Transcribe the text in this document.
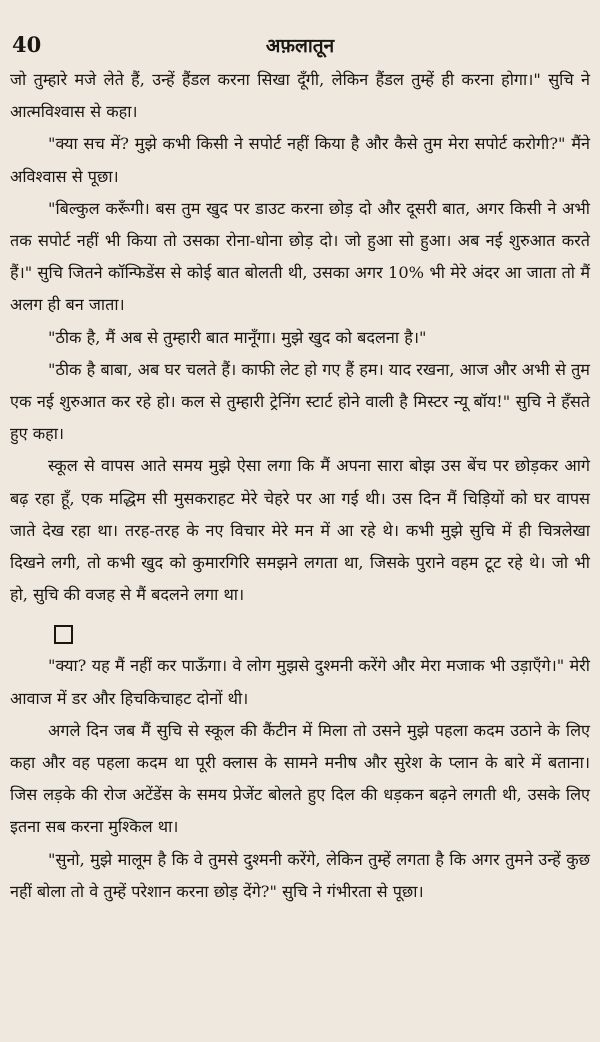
40	अफ़लातून

जो तुम्हारे मजे लेते हैं, उन्हें हैंडल करना सिखा दूँगी, लेकिन हैंडल तुम्हें ही करना होगा।" सुचि ने आत्मविश्वास से कहा।

"क्या सच में? मुझे कभी किसी ने सपोर्ट नहीं किया है और कैसे तुम मेरा सपोर्ट करोगी?" मैंने अविश्वास से पूछा।

"बिल्कुल करूँगी। बस तुम खुद पर डाउट करना छोड़ दो और दूसरी बात, अगर किसी ने अभी तक सपोर्ट नहीं भी किया तो उसका रोना-धोना छोड़ दो। जो हुआ सो हुआ। अब नई शुरुआत करते हैं।" सुचि जितने कॉन्फिडेंस से कोई बात बोलती थी, उसका अगर 10% भी मेरे अंदर आ जाता तो मैं अलग ही बन जाता।

"ठीक है, मैं अब से तुम्हारी बात मानूँगा। मुझे खुद को बदलना है।"

"ठीक है बाबा, अब घर चलते हैं। काफी लेट हो गए हैं हम। याद रखना, आज और अभी से तुम एक नई शुरुआत कर रहे हो। कल से तुम्हारी ट्रेनिंग स्टार्ट होने वाली है मिस्टर न्यू बॉय!" सुचि ने हँसते हुए कहा।

स्कूल से वापस आते समय मुझे ऐसा लगा कि मैं अपना सारा बोझ उस बेंच पर छोड़कर आगे बढ़ रहा हूँ, एक मद्धिम सी मुसकराहट मेरे चेहरे पर आ गई थी। उस दिन मैं चिड़ियों को घर वापस जाते देख रहा था। तरह-तरह के नए विचार मेरे मन में आ रहे थे। कभी मुझे सुचि में ही चित्रलेखा दिखने लगी, तो कभी खुद को कुमारगिरि समझने लगता था, जिसके पुराने वहम टूट रहे थे। जो भी हो, सुचि की वजह से मैं बदलने लगा था।

"क्या? यह मैं नहीं कर पाऊँगा। वे लोग मुझसे दुश्मनी करेंगे और मेरा मजाक भी उड़ाएँगे।" मेरी आवाज में डर और हिचकिचाहट दोनों थी।

अगले दिन जब मैं सुचि से स्कूल की कैंटीन में मिला तो उसने मुझे पहला कदम उठाने के लिए कहा और वह पहला कदम था पूरी क्लास के सामने मनीष और सुरेश के प्लान के बारे में बताना। जिस लड़के की रोज अटेंडेंस के समय प्रेजेंट बोलते हुए दिल की धड़कन बढ़ने लगती थी, उसके लिए इतना सब करना मुश्किल था।

"सुनो, मुझे मालूम है कि वे तुमसे दुश्मनी करेंगे, लेकिन तुम्हें लगता है कि अगर तुमने उन्हें कुछ नहीं बोला तो वे तुम्हें परेशान करना छोड़ देंगे?" सुचि ने गंभीरता से पूछा।
